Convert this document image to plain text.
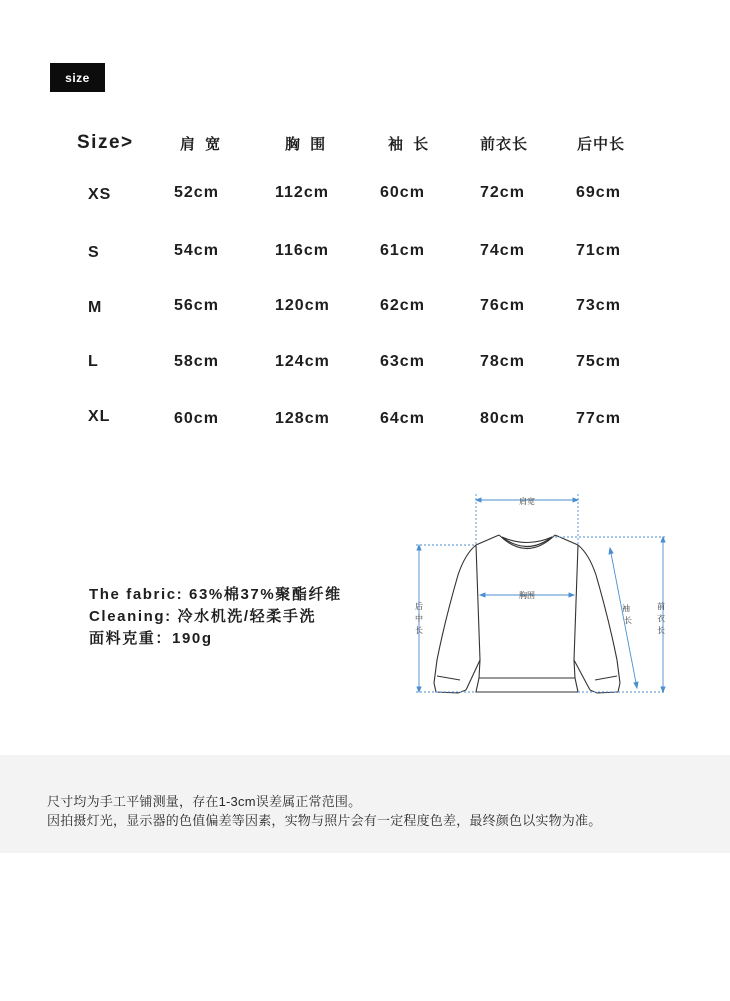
size
Size>	肩 宽	胸 围	袖 长	前衣长	后中长
XS	52cm	112cm	60cm	72cm	69cm
S	54cm	116cm	61cm	74cm	71cm
M	56cm	120cm	62cm	76cm	73cm
L	58cm	124cm	63cm	78cm	75cm
XL	60cm	128cm	64cm	80cm	77cm
The fabric: 63%棉37%聚酯纤维
Cleaning: 冷水机洗/轻柔手洗
面料克重：190g
肩宽
胸围
后
中
长
袖
长
前
衣
长
尺寸均为手工平铺测量，存在1-3cm误差属正常范围。
因拍摄灯光，显示器的色值偏差等因素，实物与照片会有一定程度色差，最终颜色以实物为准。
